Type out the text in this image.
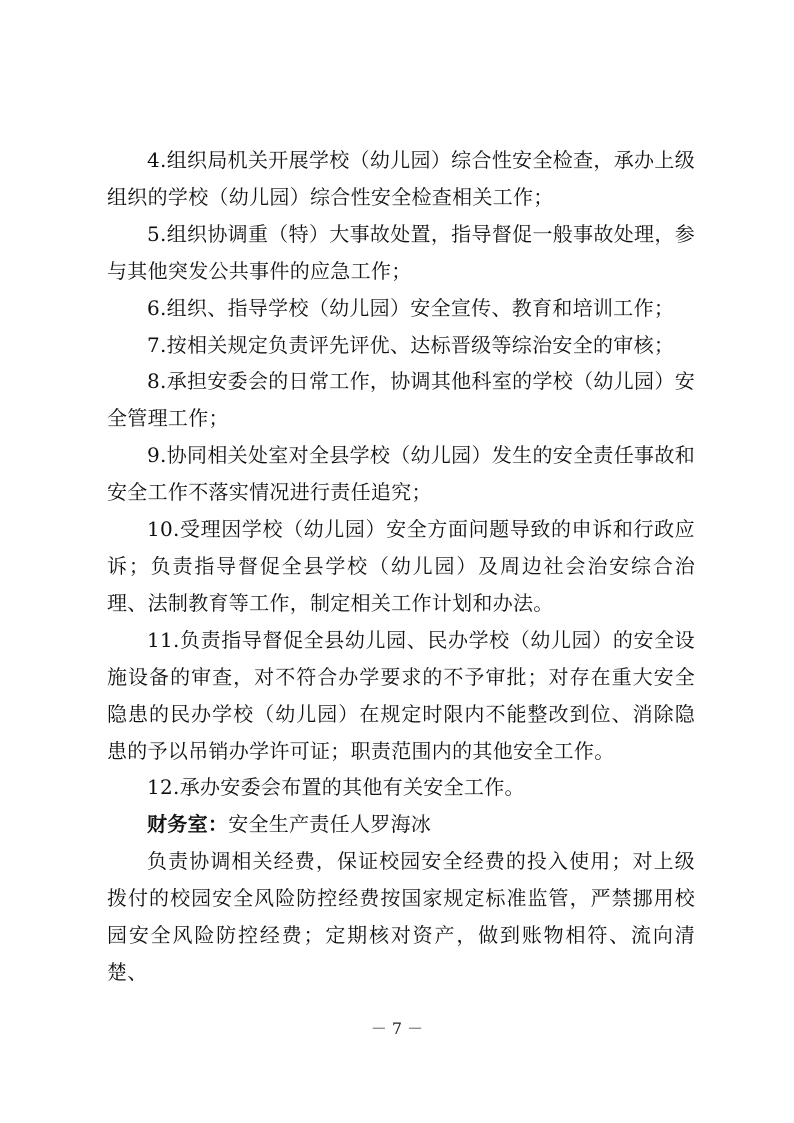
4.组织局机关开展学校（幼儿园）综合性安全检查，承办上级组织的学校（幼儿园）综合性安全检查相关工作；

5.组织协调重（特）大事故处置，指导督促一般事故处理，参与其他突发公共事件的应急工作；

6.组织、指导学校（幼儿园）安全宣传、教育和培训工作；

7.按相关规定负责评先评优、达标晋级等综治安全的审核；

8.承担安委会的日常工作，协调其他科室的学校（幼儿园）安全管理工作；

9.协同相关处室对全县学校（幼儿园）发生的安全责任事故和安全工作不落实情况进行责任追究；

10.受理因学校（幼儿园）安全方面问题导致的申诉和行政应诉；负责指导督促全县学校（幼儿园）及周边社会治安综合治理、法制教育等工作，制定相关工作计划和办法。

11.负责指导督促全县幼儿园、民办学校（幼儿园）的安全设施设备的审查，对不符合办学要求的不予审批；对存在重大安全隐患的民办学校（幼儿园）在规定时限内不能整改到位、消除隐患的予以吊销办学许可证；职责范围内的其他安全工作。

12.承办安委会布置的其他有关安全工作。

财务室：安全生产责任人罗海冰

负责协调相关经费，保证校园安全经费的投入使用；对上级拨付的校园安全风险防控经费按国家规定标准监管，严禁挪用校园安全风险防控经费；定期核对资产，做到账物相符、流向清楚、

－ 7 －
